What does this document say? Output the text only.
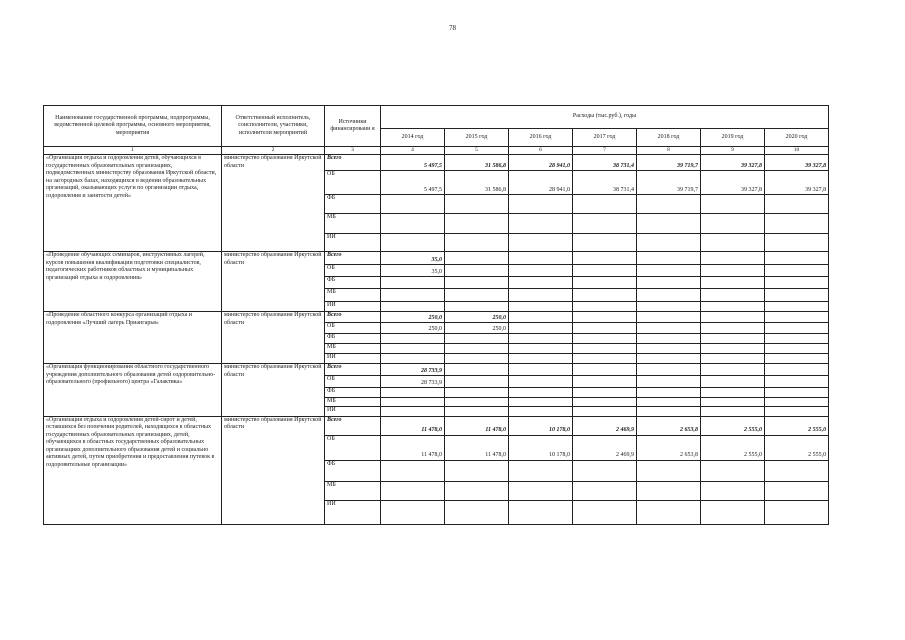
78
Наименование государственной программы, подпрограммы, ведомственной целевой программы, основного мероприятия, мероприятия	Ответственный исполнитель, соисполнители, участники, исполнители мероприятий	Источники финансировани я	Расходы (тыс.руб.), годы						
			2014 год	2015 год	2016 год	2017 год	2018 год	2019 год	2020 год
1	2	3	4	5	6	7	8	9	10
«Организация отдыха и оздоровления детей, обучающихся в государственных образовательных организациях, подведомственных министерству образования Иркутской области, на загородных базах, находящихся в ведении образовательных организаций, оказывающих услуги по организации отдыха, оздоровления и занятости детей»	министерство образования Иркутской области	Всего	5 497,5	31 586,8	28 941,0	38 731,4	39 719,7	39 327,8	39 327,8
		ОБ	5 497,5	31 586,8	28 941,0	38 731,4	39 719,7	39 327,8	39 327,8
		ФБ							
		МБ							
		ИИ							
«Проведение обучающих семинаров, инструктивных лагерей, курсов повышения квалификации подготовки специалистов, педагогических работников областных и муниципальных организаций отдыха и оздоровления»	министерство образования Иркутской области	Всего	35,0						
		ОБ	35,0						
		ФБ							
		МБ							
		ИИ							
«Проведение областного конкурса организаций отдыха и оздоровления «Лучший лагерь Приангарья»	министерство образования Иркутской области	Всего	250,0	250,0					
		ОБ	250,0	250,0					
		ФБ							
		МБ							
		ИИ							
«Организация функционирования областного государственного учреждения дополнительного образования детей оздоровительно-образовательного (профильного) центра «Галактика»	министерство образования Иркутской области	Всего	28 733,9						
		ОБ	28 733,9						
		ФБ							
		МБ							
		ИИ							
«Организация отдыха и оздоровления детей-сирот и детей, оставшихся без попечения родителей, находящихся в областных государственных образовательных организациях, детей, обучающихся в областных государственных образовательных организациях дополнительного образования детей и социально активных детей, путем приобретения и предоставления путевок в оздоровительные организации»	министерство образования Иркутской области	Всего	11 478,0	11 478,0	10 178,0	2 469,9	2 653,8	2 555,0	2 555,0
		ОБ	11 478,0	11 478,0	10 178,0	2 469,9	2 653,8	2 555,0	2 555,0
		ФБ							
		МБ							
		ИИ							
